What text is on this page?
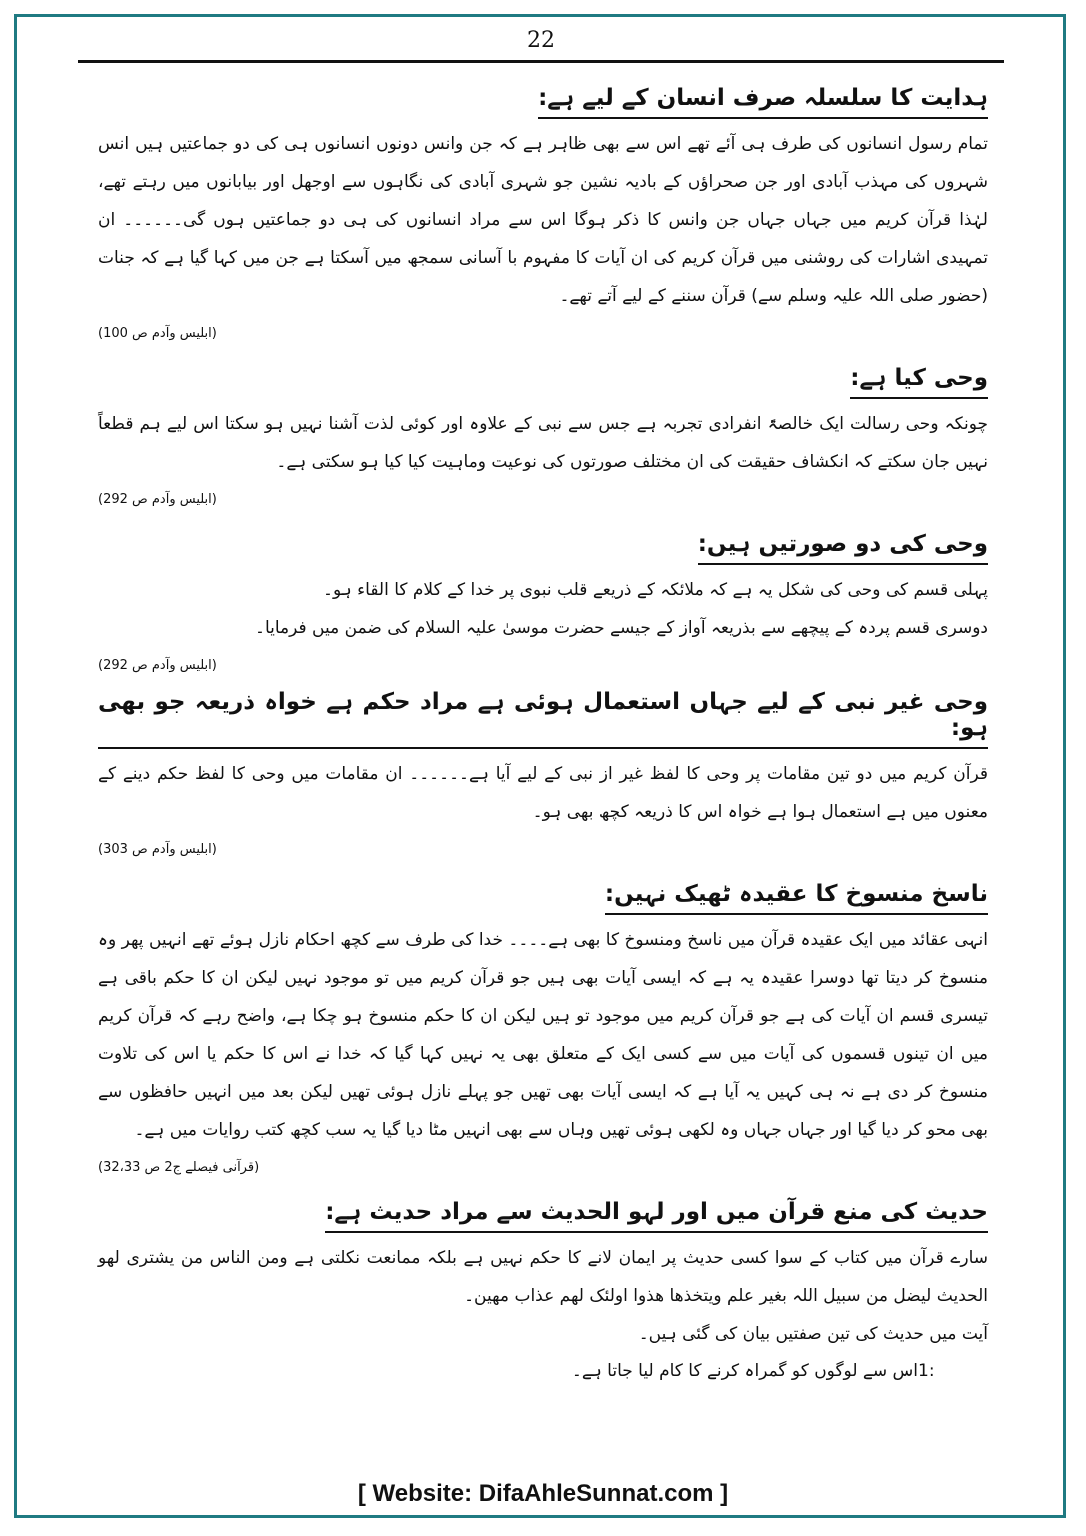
22
ہدایت کا سلسلہ صرف انسان کے لیے ہے:

تمام رسول انسانوں کی طرف ہی آئے تھے اس سے بھی ظاہر ہے کہ جن وانس دونوں انسانوں ہی کی دو جماعتیں ہیں انس شہروں کی مہذب آبادی اور جن صحراؤں کے بادیہ نشین جو شہری آبادی کی نگاہوں سے اوجھل اور بیابانوں میں رہتے تھے، لہٰذا قرآن کریم میں جہاں جہاں جن وانس کا ذکر ہوگا اس سے مراد انسانوں کی ہی دو جماعتیں ہوں گی۔۔۔۔۔۔ ان تمہیدی اشارات کی روشنی میں قرآن کریم کی ان آیات کا مفہوم با آسانی سمجھ میں آسکتا ہے جن میں کہا گیا ہے کہ جنات (حضور صلی اللہ علیہ وسلم سے) قرآن سننے کے لیے آتے تھے۔

(ابلیس وآدم ص 100)
وحی کیا ہے:

چونکہ وحی رسالت ایک خالصۃً انفرادی تجربہ ہے جس سے نبی کے علاوہ اور کوئی لذت آشنا نہیں ہو سکتا اس لیے ہم قطعاً نہیں جان سکتے کہ انکشاف حقیقت کی ان مختلف صورتوں کی نوعیت وماہیت کیا کیا ہو سکتی ہے۔

(ابلیس وآدم ص 292)
وحی کی دو صورتیں ہیں:

پہلی قسم کی وحی کی شکل یہ ہے کہ ملائکہ کے ذریعے قلب نبوی پر خدا کے کلام کا القاء ہو۔

دوسری قسم پردہ کے پیچھے سے بذریعہ آواز کے جیسے حضرت موسیٰ علیہ السلام کی ضمن میں فرمایا۔

(ابلیس وآدم ص 292)
وحی غیر نبی کے لیے جہاں استعمال ہوئی ہے مراد حکم ہے خواہ ذریعہ جو بھی ہو:

قرآن کریم میں دو تین مقامات پر وحی کا لفظ غیر از نبی کے لیے آیا ہے۔۔۔۔۔۔ ان مقامات میں وحی کا لفظ حکم دینے کے معنوں میں ہے استعمال ہوا ہے خواہ اس کا ذریعہ کچھ بھی ہو۔

(ابلیس وآدم ص 303)
ناسخ منسوخ کا عقیدہ ٹھیک نہیں:

انہی عقائد میں ایک عقیدہ قرآن میں ناسخ ومنسوخ کا بھی ہے۔۔۔۔ خدا کی طرف سے کچھ احکام نازل ہوئے تھے انہیں پھر وہ منسوخ کر دیتا تھا دوسرا عقیدہ یہ ہے کہ ایسی آیات بھی ہیں جو قرآن کریم میں تو موجود نہیں لیکن ان کا حکم باقی ہے تیسری قسم ان آیات کی ہے جو قرآن کریم میں موجود تو ہیں لیکن ان کا حکم منسوخ ہو چکا ہے، واضح رہے کہ قرآن کریم میں ان تینوں قسموں کی آیات میں سے کسی ایک کے متعلق بھی یہ نہیں کہا گیا کہ خدا نے اس کا حکم یا اس کی تلاوت منسوخ کر دی ہے نہ ہی کہیں یہ آیا ہے کہ ایسی آیات بھی تھیں جو پہلے نازل ہوئی تھیں لیکن بعد میں انہیں حافظوں سے بھی محو کر دیا گیا اور جہاں جہاں وہ لکھی ہوئی تھیں وہاں سے بھی انہیں مٹا دیا گیا یہ سب کچھ کتب روایات میں ہے۔

(قرآنی فیصلے ج2 ص 32،33)
حدیث کی منع قرآن میں اور لہو الحدیث سے مراد حدیث ہے:

سارے قرآن میں کتاب کے سوا کسی حدیث پر ایمان لانے کا حکم نہیں ہے بلکہ ممانعت نکلتی ہے ومن الناس من یشتری لھو الحدیث لیضل من سبیل اللہ بغیر علم ویتخذھا ھذوا اولئک لھم عذاب مھین۔

آیت میں حدیث کی تین صفتیں بیان کی گئی ہیں۔

1:
اس سے لوگوں کو گمراہ کرنے کا کام لیا جاتا ہے۔
[ Website: DifaAhleSunnat.com ]
